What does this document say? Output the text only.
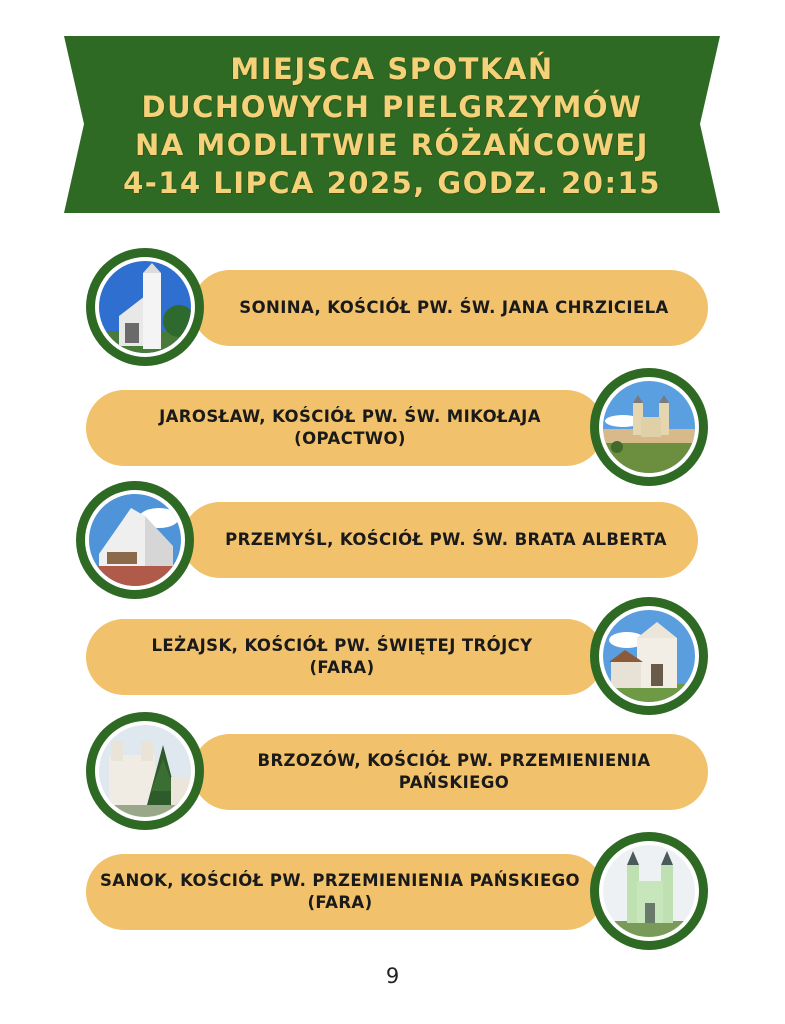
MIEJSCA SPOTKAŃ
DUCHOWYCH PIELGRZYMÓW
NA MODLITWIE RÓŻAŃCOWEJ
4-14 LIPCA 2025, GODZ. 20:15
SONINA, KOŚCIÓŁ PW. ŚW. JANA CHRZICIELA
JAROSŁAW, KOŚCIÓŁ PW. ŚW. MIKOŁAJA (OPACTWO)
PRZEMYŚL, KOŚCIÓŁ PW. ŚW. BRATA ALBERTA
LEŻAJSK, KOŚCIÓŁ PW. ŚWIĘTEJ TRÓJCY (FARA)
BRZOZÓW, KOŚCIÓŁ PW. PRZEMIENIENIA PAŃSKIEGO
SANOK, KOŚCIÓŁ PW. PRZEMIENIENIA PAŃSKIEGO (FARA)
9
